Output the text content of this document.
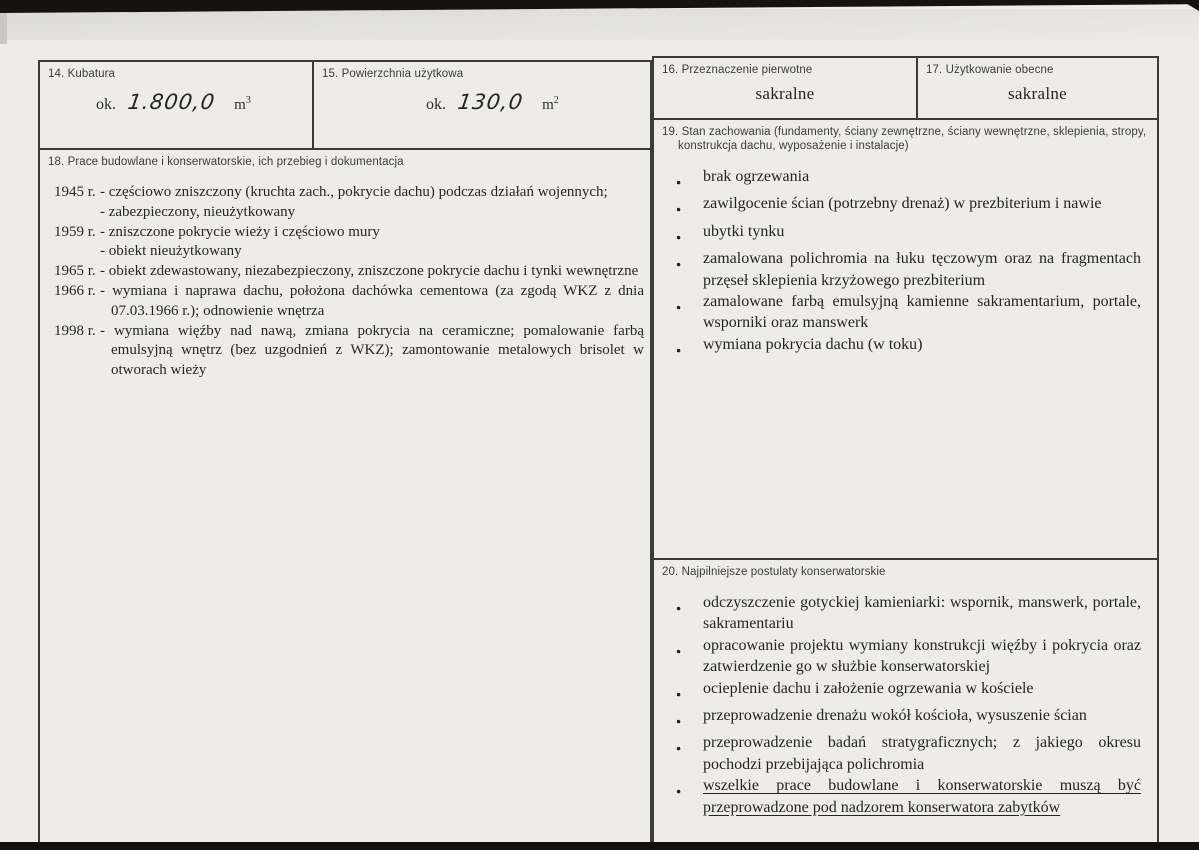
14. Kubatura
ok. 1.800,0 $m^3$
15. Powierzchnia użytkowa
ok. 130,0 $m^2$
18. Prace budowlane i konserwatorskie, ich przebieg i dokumentacja
1945 r. - częściowo zniszczony (kruchta zach., pokrycie dachu) podczas działań wojennych;
- zabezpieczony, nieużytkowany
1959 r. - zniszczone pokrycie wieży i częściowo mury
- obiekt nieużytkowany
1965 r. - obiekt zdewastowany, niezabezpieczony, zniszczone pokrycie dachu i tynki wewnętrzne
1966 r. - wymiana i naprawa dachu, położona dachówka cementowa (za zgodą WKZ z dnia 07.03.1966 r.); odnowienie wnętrza
1998 r. - wymiana więźby nad nawą, zmiana pokrycia na ceramiczne; pomalowanie farbą emulsyjną wnętrz (bez uzgodnień z WKZ); zamontowanie metalowych brisolet w otworach wieży
16. Przeznaczenie pierwotne
sakralne
17. Użytkowanie obecne
sakralne
19. Stan zachowania (fundamenty, ściany zewnętrzne, ściany wewnętrzne, sklepienia, stropy, konstrukcja dachu, wyposażenie i instalacje)
●	brak ogrzewania
●	zawilgocenie ścian (potrzebny drenaż) w prezbiterium i nawie
●	ubytki tynku
●	zamalowana polichromia na łuku tęczowym oraz na fragmentach przęseł sklepienia krzyżowego prezbiterium
●	zamalowane farbą emulsyjną kamienne sakramentarium, portale, wsporniki oraz manswerk
●	wymiana pokrycia dachu (w toku)
20. Najpilniejsze postulaty konserwatorskie
●	odczyszczenie gotyckiej kamieniarki: wspornik, manswerk, portale, sakramentariu
●	opracowanie projektu wymiany konstrukcji więźby i pokrycia oraz zatwierdzenie go w służbie konserwatorskiej
●	ocieplenie dachu i założenie ogrzewania w kościele
●	przeprowadzenie drenażu wokół kościoła, wysuszenie ścian
●	przeprowadzenie badań stratygraficznych; z jakiego okresu pochodzi przebijająca polichromia
●	wszelkie prace budowlane i konserwatorskie muszą być przeprowadzone pod nadzorem konserwatora zabytków
